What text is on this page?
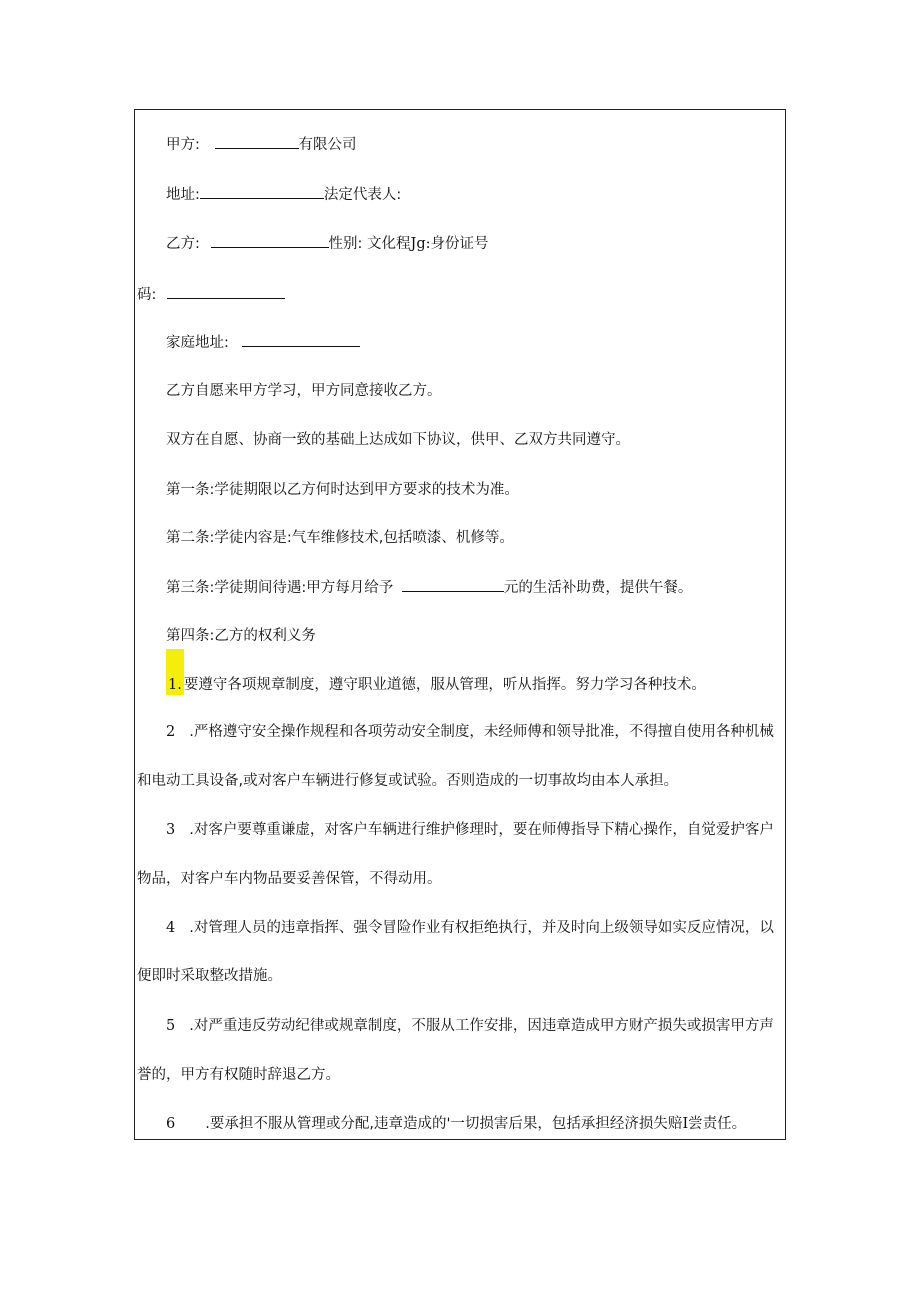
甲方:	有限公司
地址:	法定代表人:
乙方:	性别: 文化程Jg:身份证号
码:
家庭地址:
乙方自愿来甲方学习，甲方同意接收乙方。
双方在自愿、协商一致的基础上达成如下协议，供甲、乙双方共同遵守。
第一条:学徒期限以乙方何时达到甲方要求的技术为准。
第二条:学徒内容是:气车维修技术,包括喷漆、机修等。
第三条:学徒期间待遇:甲方每月给予	元的生活补助费，提供午餐。
第四条:乙方的权利义务
1. 要遵守各项规章制度，遵守职业道德，服从管理，听从指挥。努力学习各种技术。
2 .严格遵守安全操作规程和各项劳动安全制度，未经师傅和领导批准，不得擅自使用各种机械
和电动工具设备,或对客户车辆进行修复或试验。否则造成的一切事故均由本人承担。
3 .对客户要尊重谦虚，对客户车辆进行维护修理时，要在师傅指导下精心操作，自觉爱护客户
物品，对客户车内物品要妥善保管，不得动用。
4 .对管理人员的违章指挥、强令冒险作业有权拒绝执行，并及时向上级领导如实反应情况，以
便即时采取整改措施。
5 .对严重违反劳动纪律或规章制度，不服从工作安排，因违章造成甲方财产损失或损害甲方声
誉的，甲方有权随时辞退乙方。
6 .要承担不服从管理或分配,违章造成的'一切损害后果，包括承担经济损失赔I尝责任。
